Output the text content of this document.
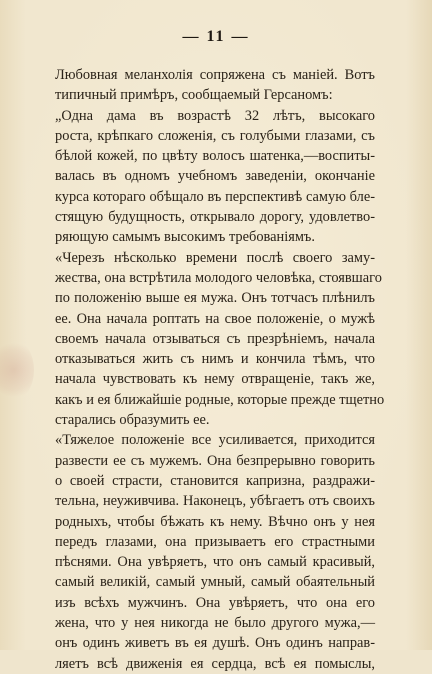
— 11 —
Любовная меланхолія сопряжена съ маніей. Вотъ
типичный примѣръ, сообщаемый Герсаномъ:
„Одна дама въ возрастѣ 32 лѣтъ, высокаго
роста, крѣпкаго сложенія, съ голубыми глазами, съ
бѣлой кожей, по цвѣту волосъ шатенка,—воспиты-
валась въ одномъ учебномъ заведеніи, окончаніе
курса котораго обѣщало въ перспективѣ самую бле-
стящую будущность, открывало дорогу, удовлетво-
ряющую самымъ высокимъ требованіямъ.
«Черезъ нѣсколько времени послѣ своего заму-
жества, она встрѣтила молодого человѣка, стоявшаго
по положенію выше ея мужа. Онъ тотчасъ плѣнилъ
ее. Она начала роптать на свое положеніе, о мужѣ
своемъ начала отзываться съ презрѣніемъ, начала
отказываться жить съ нимъ и кончила тѣмъ, что
начала чувствовать къ нему отвращеніе, такъ же,
какъ и ея ближайшіе родные, которые прежде тщетно
старались образумить ее.
«Тяжелое положеніе все усиливается, приходится
развести ее съ мужемъ. Она безпрерывно говорить
о своей страсти, становится капризна, раздражи-
тельна, неуживчива. Наконецъ, убѣгаетъ отъ своихъ
родныхъ, чтобы бѣжать къ нему. Вѣчно онъ у нея
передъ глазами, она призываетъ его страстными
пѣснями. Она увѣряетъ, что онъ самый красивый,
самый великій, самый умный, самый обаятельный
изъ всѣхъ мужчинъ. Она увѣряетъ, что она его
жена, что у нея никогда не было другого мужа,—
онъ одинъ живетъ въ ея душѣ. Онъ одинъ направ-
ляетъ всѣ движенія ея сердца, всѣ ея помыслы,
